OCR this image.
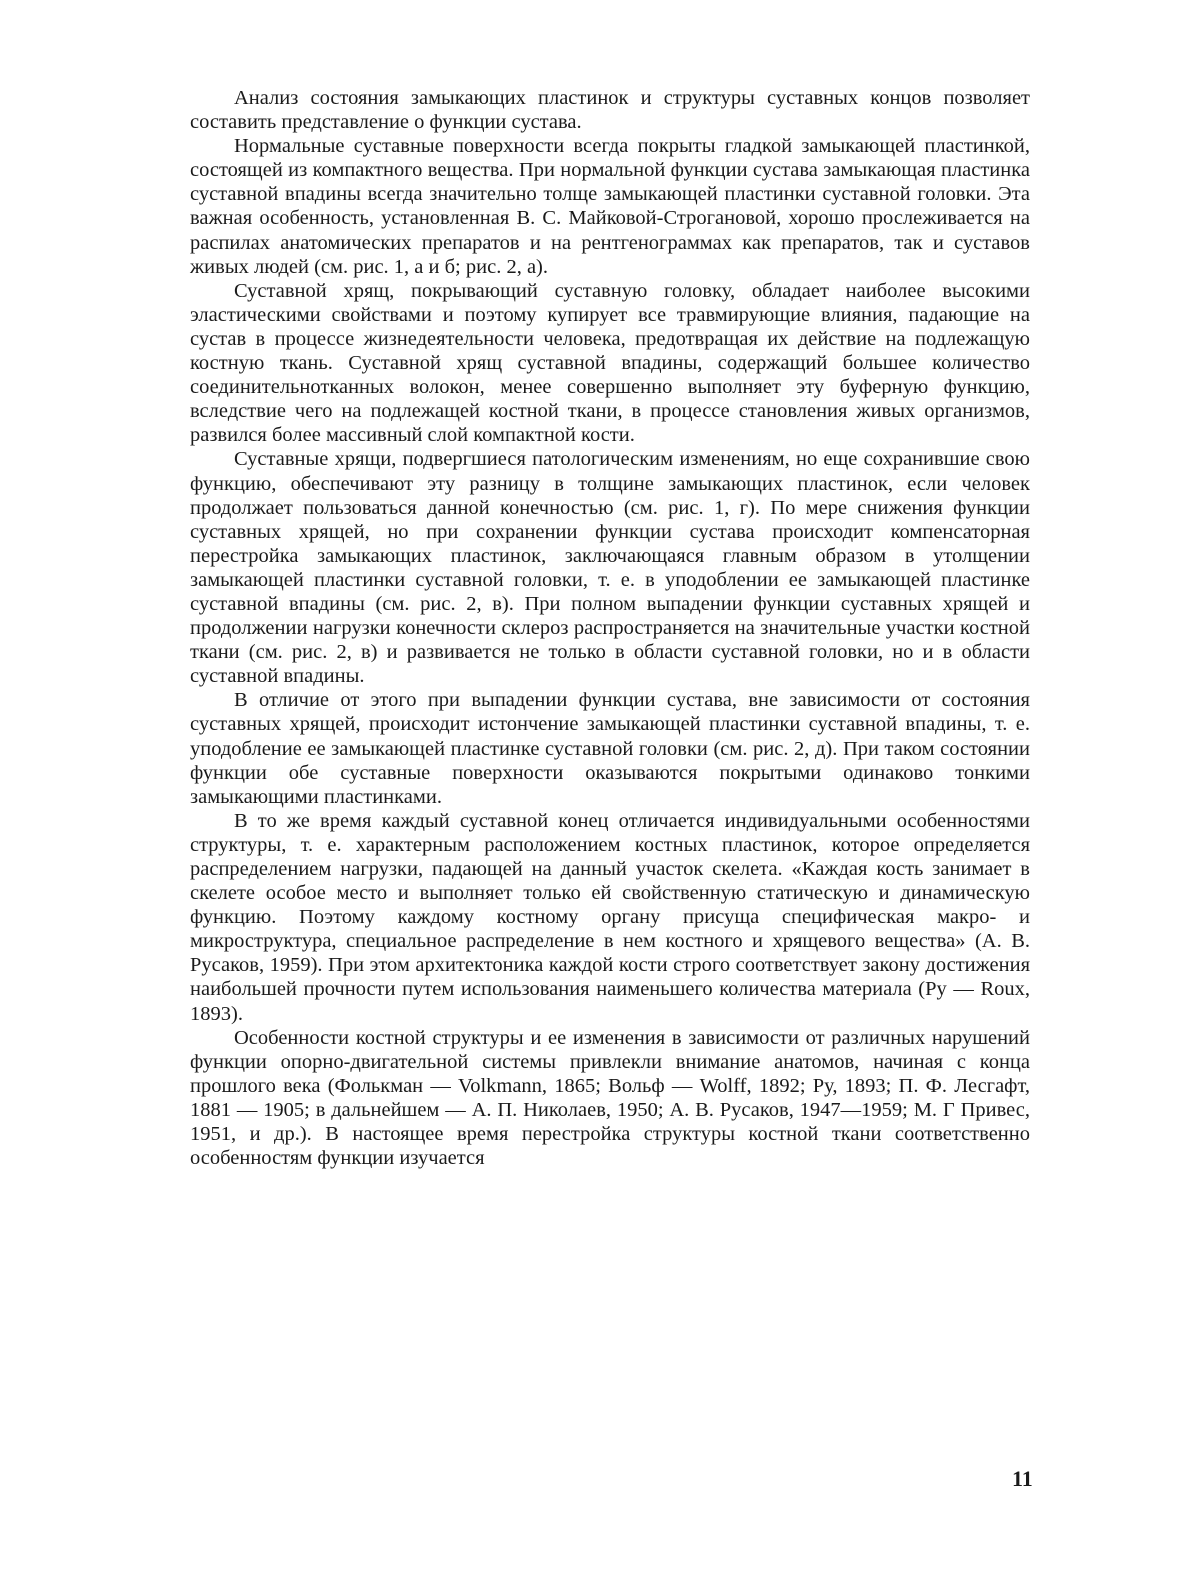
Анализ состояния замыкающих пластинок и структуры суставных концов позволяет составить представление о функции сустава.

Нормальные суставные поверхности всегда покрыты гладкой замыкающей пластинкой, состоящей из компактного вещества. При нормальной функции сустава замыкающая пластинка суставной впадины всегда значительно толще замыкающей пластинки суставной головки. Эта важная особенность, установленная В. С. Майковой-Строгановой, хорошо прослеживается на распилах анатомических препаратов и на рентгенограммах как препаратов, так и суставов живых людей (см. рис. 1, а и б; рис. 2, а).

Суставной хрящ, покрывающий суставную головку, обладает наиболее высокими эластическими свойствами и поэтому купирует все травмирующие влияния, падающие на сустав в процессе жизнедеятельности человека, предотвращая их действие на подлежащую костную ткань. Суставной хрящ суставной впадины, содержащий большее количество соединительнотканных волокон, менее совершенно выполняет эту буферную функцию, вследствие чего на подлежащей костной ткани, в процессе становления живых организмов, развился более массивный слой компактной кости.

Суставные хрящи, подвергшиеся патологическим изменениям, но еще сохранившие свою функцию, обеспечивают эту разницу в толщине замыкающих пластинок, если человек продолжает пользоваться данной конечностью (см. рис. 1, г). По мере снижения функции суставных хрящей, но при сохранении функции сустава происходит компенсаторная перестройка замыкающих пластинок, заключающаяся главным образом в утолщении замыкающей пластинки суставной головки, т. е. в уподоблении ее замыкающей пластинке суставной впадины (см. рис. 2, в). При полном выпадении функции суставных хрящей и продолжении нагрузки конечности склероз распространяется на значительные участки костной ткани (см. рис. 2, в) и развивается не только в области суставной головки, но и в области суставной впадины.

В отличие от этого при выпадении функции сустава, вне зависимости от состояния суставных хрящей, происходит истончение замыкающей пластинки суставной впадины, т. е. уподобление ее замыкающей пластинке суставной головки (см. рис. 2, д). При таком состоянии функции обе суставные поверхности оказываются покрытыми одинаково тонкими замыкающими пластинками.

В то же время каждый суставной конец отличается индивидуальными особенностями структуры, т. е. характерным расположением костных пластинок, которое определяется распределением нагрузки, падающей на данный участок скелета. «Каждая кость занимает в скелете особое место и выполняет только ей свойственную статическую и динамическую функцию. Поэтому каждому костному органу присуща специфическая макро- и микроструктура, специальное распределение в нем костного и хрящевого вещества» (А. В. Русаков, 1959). При этом архитектоника каждой кости строго соответствует закону достижения наибольшей прочности путем использования наименьшего количества материала (Ру — Roux, 1893).

Особенности костной структуры и ее изменения в зависимости от различных нарушений функции опорно-двигательной системы привлекли внимание анатомов, начиная с конца прошлого века (Фолькман — Volkmann, 1865; Вольф — Wolff, 1892; Ру, 1893; П. Ф. Лесгафт, 1881 — 1905; в дальнейшем — А. П. Николаев, 1950; А. В. Русаков, 1947—1959; М. Г Привес, 1951, и др.). В настоящее время перестройка структуры костной ткани соответственно особенностям функции изучается

11
